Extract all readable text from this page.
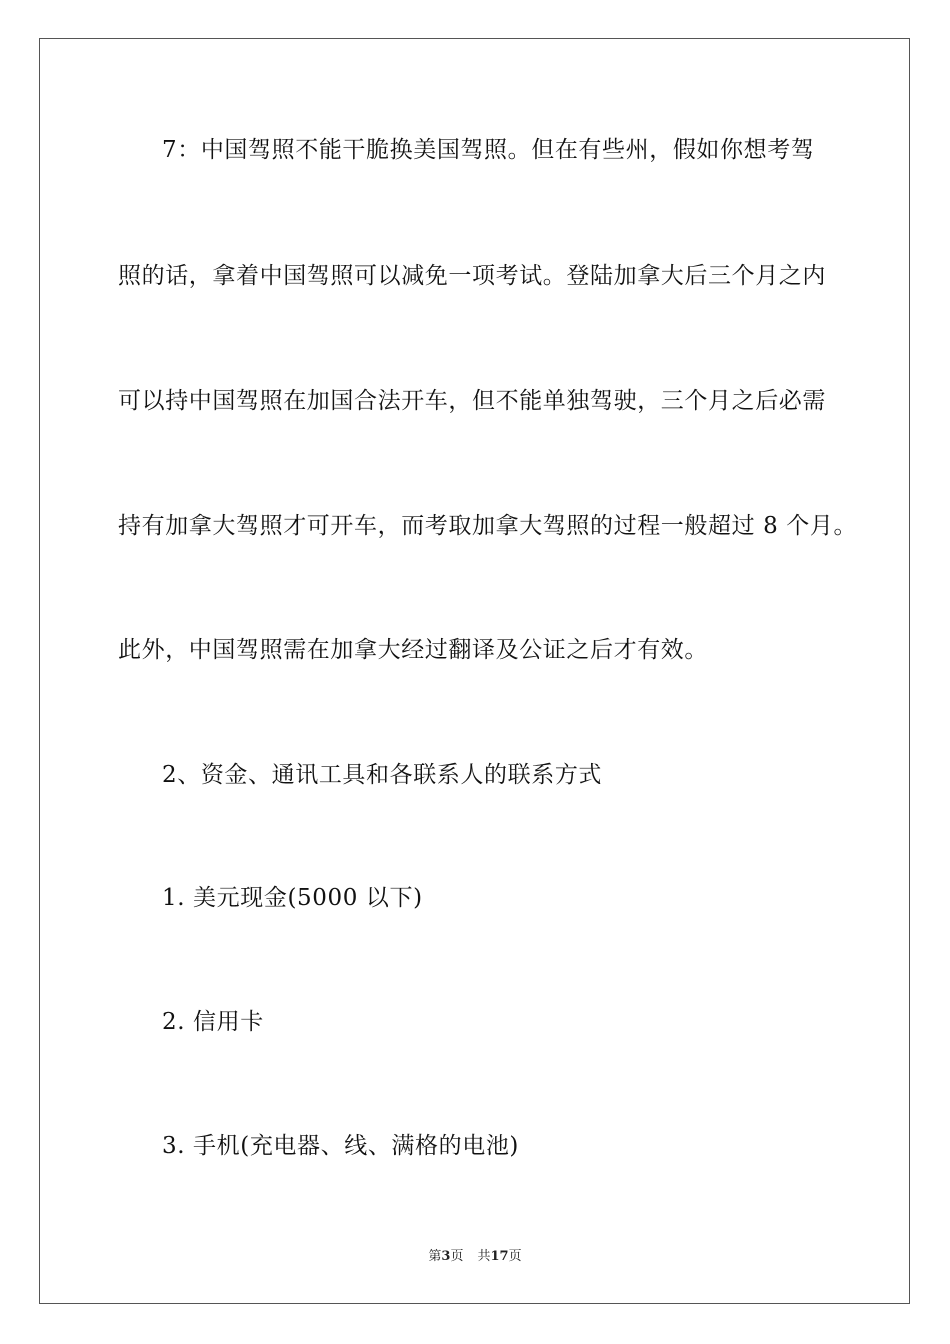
7：中国驾照不能干脆换美国驾照。但在有些州，假如你想考驾
照的话，拿着中国驾照可以减免一项考试。登陆加拿大后三个月之内
可以持中国驾照在加国合法开车，但不能单独驾驶，三个月之后必需
持有加拿大驾照才可开车，而考取加拿大驾照的过程一般超过 8 个月。
此外，中国驾照需在加拿大经过翻译及公证之后才有效。
2、资金、通讯工具和各联系人的联系方式
1. 美元现金(5000 以下)
2. 信用卡
3. 手机(充电器、线、满格的电池)
第3页 共17页
